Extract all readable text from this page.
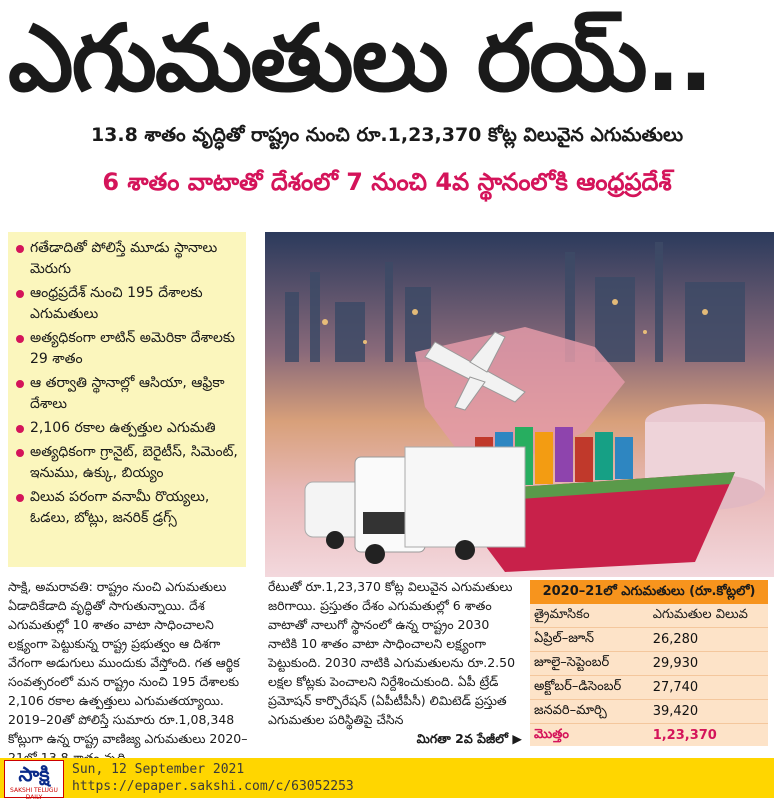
ఎగుమతులు రయ్..
13.8 శాతం వృద్ధితో రాష్ట్రం నుంచి రూ.1,23,370 కోట్ల విలువైన ఎగుమతులు
6 శాతం వాటాతో దేశంలో 7 నుంచి 4వ స్థానంలోకి ఆంధ్రప్రదేశ్
గతేడాదితో పోలిస్తే మూడు స్థానాలు మెరుగు
ఆంధ్రప్రదేశ్ నుంచి 195 దేశాలకు ఎగుమతులు
అత్యధికంగా లాటిన్ అమెరికా దేశాలకు 29 శాతం
ఆ తర్వాతి స్థానాల్లో ఆసియా, ఆఫ్రికా దేశాలు
2,106 రకాల ఉత్పత్తుల ఎగుమతి
అత్యధికంగా గ్రానైట్, బెరైటీస్, సిమెంట్, ఇనుము, ఉక్కు, బియ్యం
విలువ పరంగా వనామీ రొయ్యలు, ఓడలు, బోట్లు, జనరిక్ డ్రగ్స్
సాక్షి, అమరావతి: రాష్ట్రం నుంచి ఎగుమతులు ఏడాదికేడాది వృద్ధితో సాగుతున్నాయి. దేశ ఎగుమతుల్లో 10 శాతం వాటా సాధించాలని లక్ష్యంగా పెట్టుకున్న రాష్ట్ర ప్రభుత్వం ఆ దిశగా వేగంగా అడుగులు ముందుకు వేస్తోంది. గత ఆర్థిక సంవత్సరంలో మన రాష్ట్రం నుంచి 195 దేశాలకు 2,106 రకాల ఉత్పత్తులు ఎగుమతయ్యాయి. 2019–20తో పోలిస్తే సుమారు రూ.1,08,348 కోట్లుగా ఉన్న రాష్ట్ర వాణిజ్య ఎగుమతులు 2020–
రేటుతో రూ.1,23,370 కోట్ల విలువైన ఎగుమతులు జరిగాయి. ప్రస్తుతం దేశం ఎగుమతుల్లో 6 శాతం వాటాతో నాలుగో స్థానంలో ఉన్న రాష్ట్రం 2030 నాటికి 10 శాతం వాటా సాధించాలని లక్ష్యంగా పెట్టుకుంది. 2030 నాటికి ఎగుమతులను రూ.2.50 లక్షల కోట్లకు పెంచాలని నిర్దేశించుకుంది. ఏపీ ట్రేడ్ ప్రమోషన్ కార్పొరేషన్ (ఏపీటీపీసీ) లిమిటెడ్ ప్రస్తుత ఎగుమతుల పరిస్థితిపై చేసిన
మిగతా 2వ పేజీలో ▶
2020–21లో ఎగుమతులు (రూ.కోట్లలో)
త్రైమాసికం	ఎగుమతుల విలువ
ఏప్రిల్–జూన్	26,280
జూలై–సెప్టెంబర్	29,930
అక్టోబర్–డిసెంబర్	27,740
జనవరి–మార్చి	39,420
మొత్తం	1,23,370
సాక్షి
SAKSHI TELUGU DAILY
Sun, 12 September 2021
https://epaper.sakshi.com/c/63052253
